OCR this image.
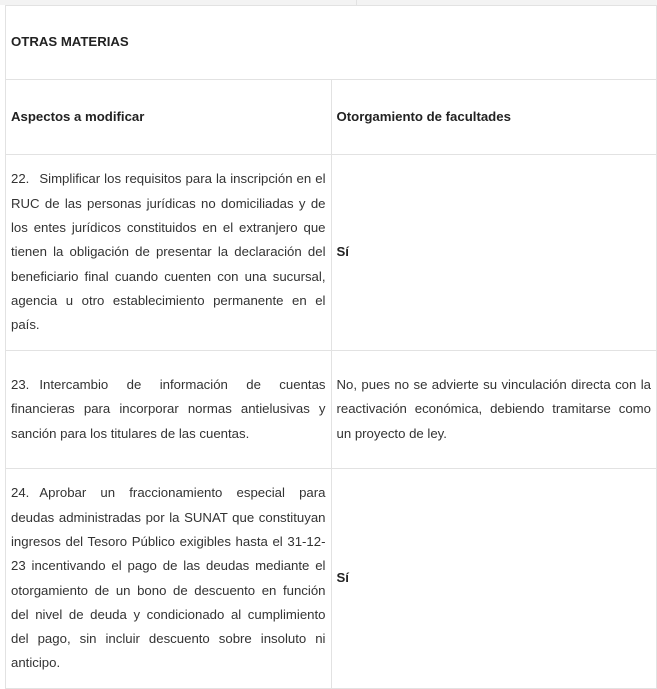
OTRAS MATERIAS	
Aspectos a modificar	Otorgamiento de facultades
22. Simplificar los requisitos para la inscripción en el RUC de las personas jurídicas no domiciliadas y de los entes jurídicos constituidos en el extranjero que tienen la obligación de presentar la declaración del beneficiario final cuando cuenten con una sucursal, agencia u otro establecimiento permanente en el país.	Sí
23. Intercambio de información de cuentas financieras para incorporar normas antielusivas y sanción para los titulares de las cuentas.	No, pues no se advierte su vinculación directa con la reactivación económica, debiendo tramitarse como un proyecto de ley.
24. Aprobar un fraccionamiento especial para deudas administradas por la SUNAT que constituyan ingresos del Tesoro Público exigibles hasta el 31-12-23 incentivando el pago de las deudas mediante el otorgamiento de un bono de descuento en función del nivel de deuda y condicionado al cumplimiento del pago, sin incluir descuento sobre insoluto ni anticipo.	Sí
